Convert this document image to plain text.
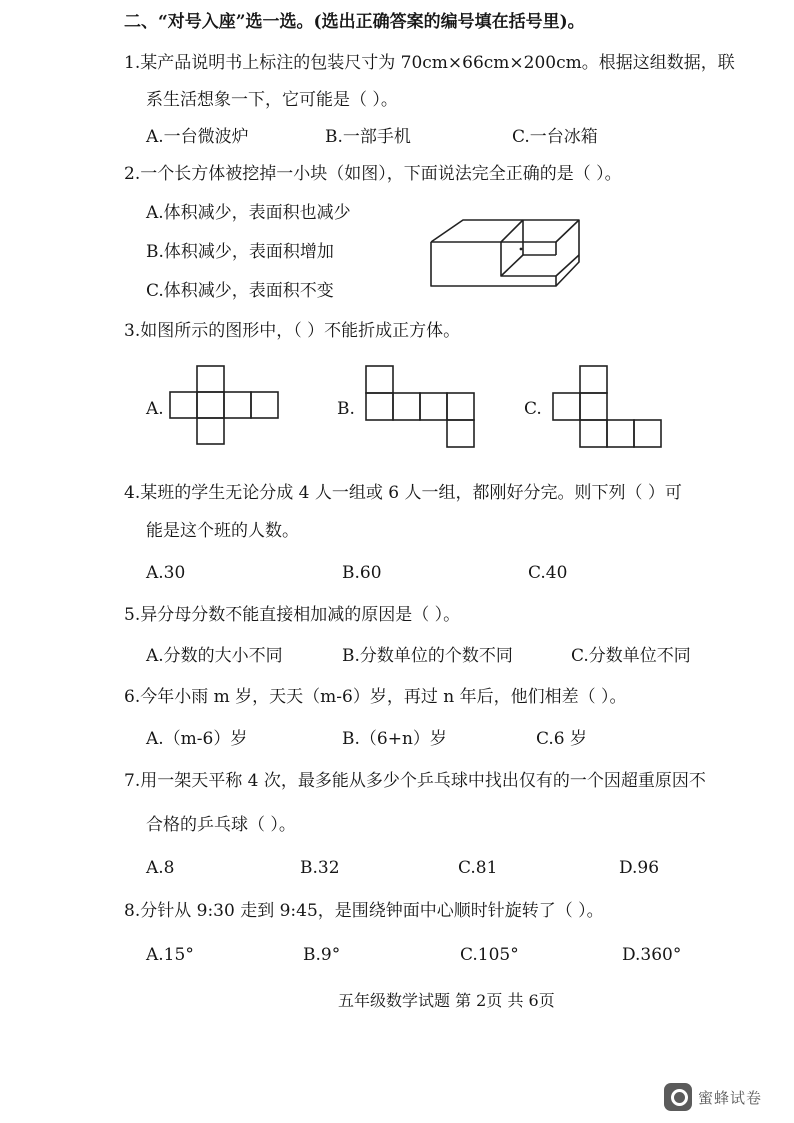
二、“对号入座”选一选。(选出正确答案的编号填在括号里)。
1.某产品说明书上标注的包装尺寸为 70cm×66cm×200cm。根据这组数据，联
系生活想象一下，它可能是（ ）。
A.一台微波炉	B.一部手机	C.一台冰箱
2.一个长方体被挖掉一小块（如图），下面说法完全正确的是（ ）。
A.体积减少，表面积也减少
B.体积减少，表面积增加
C.体积减少，表面积不变
3.如图所示的图形中，（ ）不能折成正方体。
A.	B.	C.
4.某班的学生无论分成 4 人一组或 6 人一组，都刚好分完。则下列（ ）可
能是这个班的人数。
A.30	B.60	C.40
5.异分母分数不能直接相加减的原因是（ ）。
A.分数的大小不同	B.分数单位的个数不同	C.分数单位不同
6.今年小雨 m 岁，天天（m-6）岁，再过 n 年后，他们相差（ ）。
A.（m-6）岁	B.（6+n）岁	C.6 岁
7.用一架天平称 4 次，最多能从多少个乒乓球中找出仅有的一个因超重原因不
合格的乒乓球（ ）。
A.8	B.32	C.81	D.96
8.分针从 9:30 走到 9:45，是围绕钟面中心顺时针旋转了（ ）。
A.15°	B.9°	C.105°	D.360°
五年级数学试题 第 2页 共 6页
蜜蜂试卷
